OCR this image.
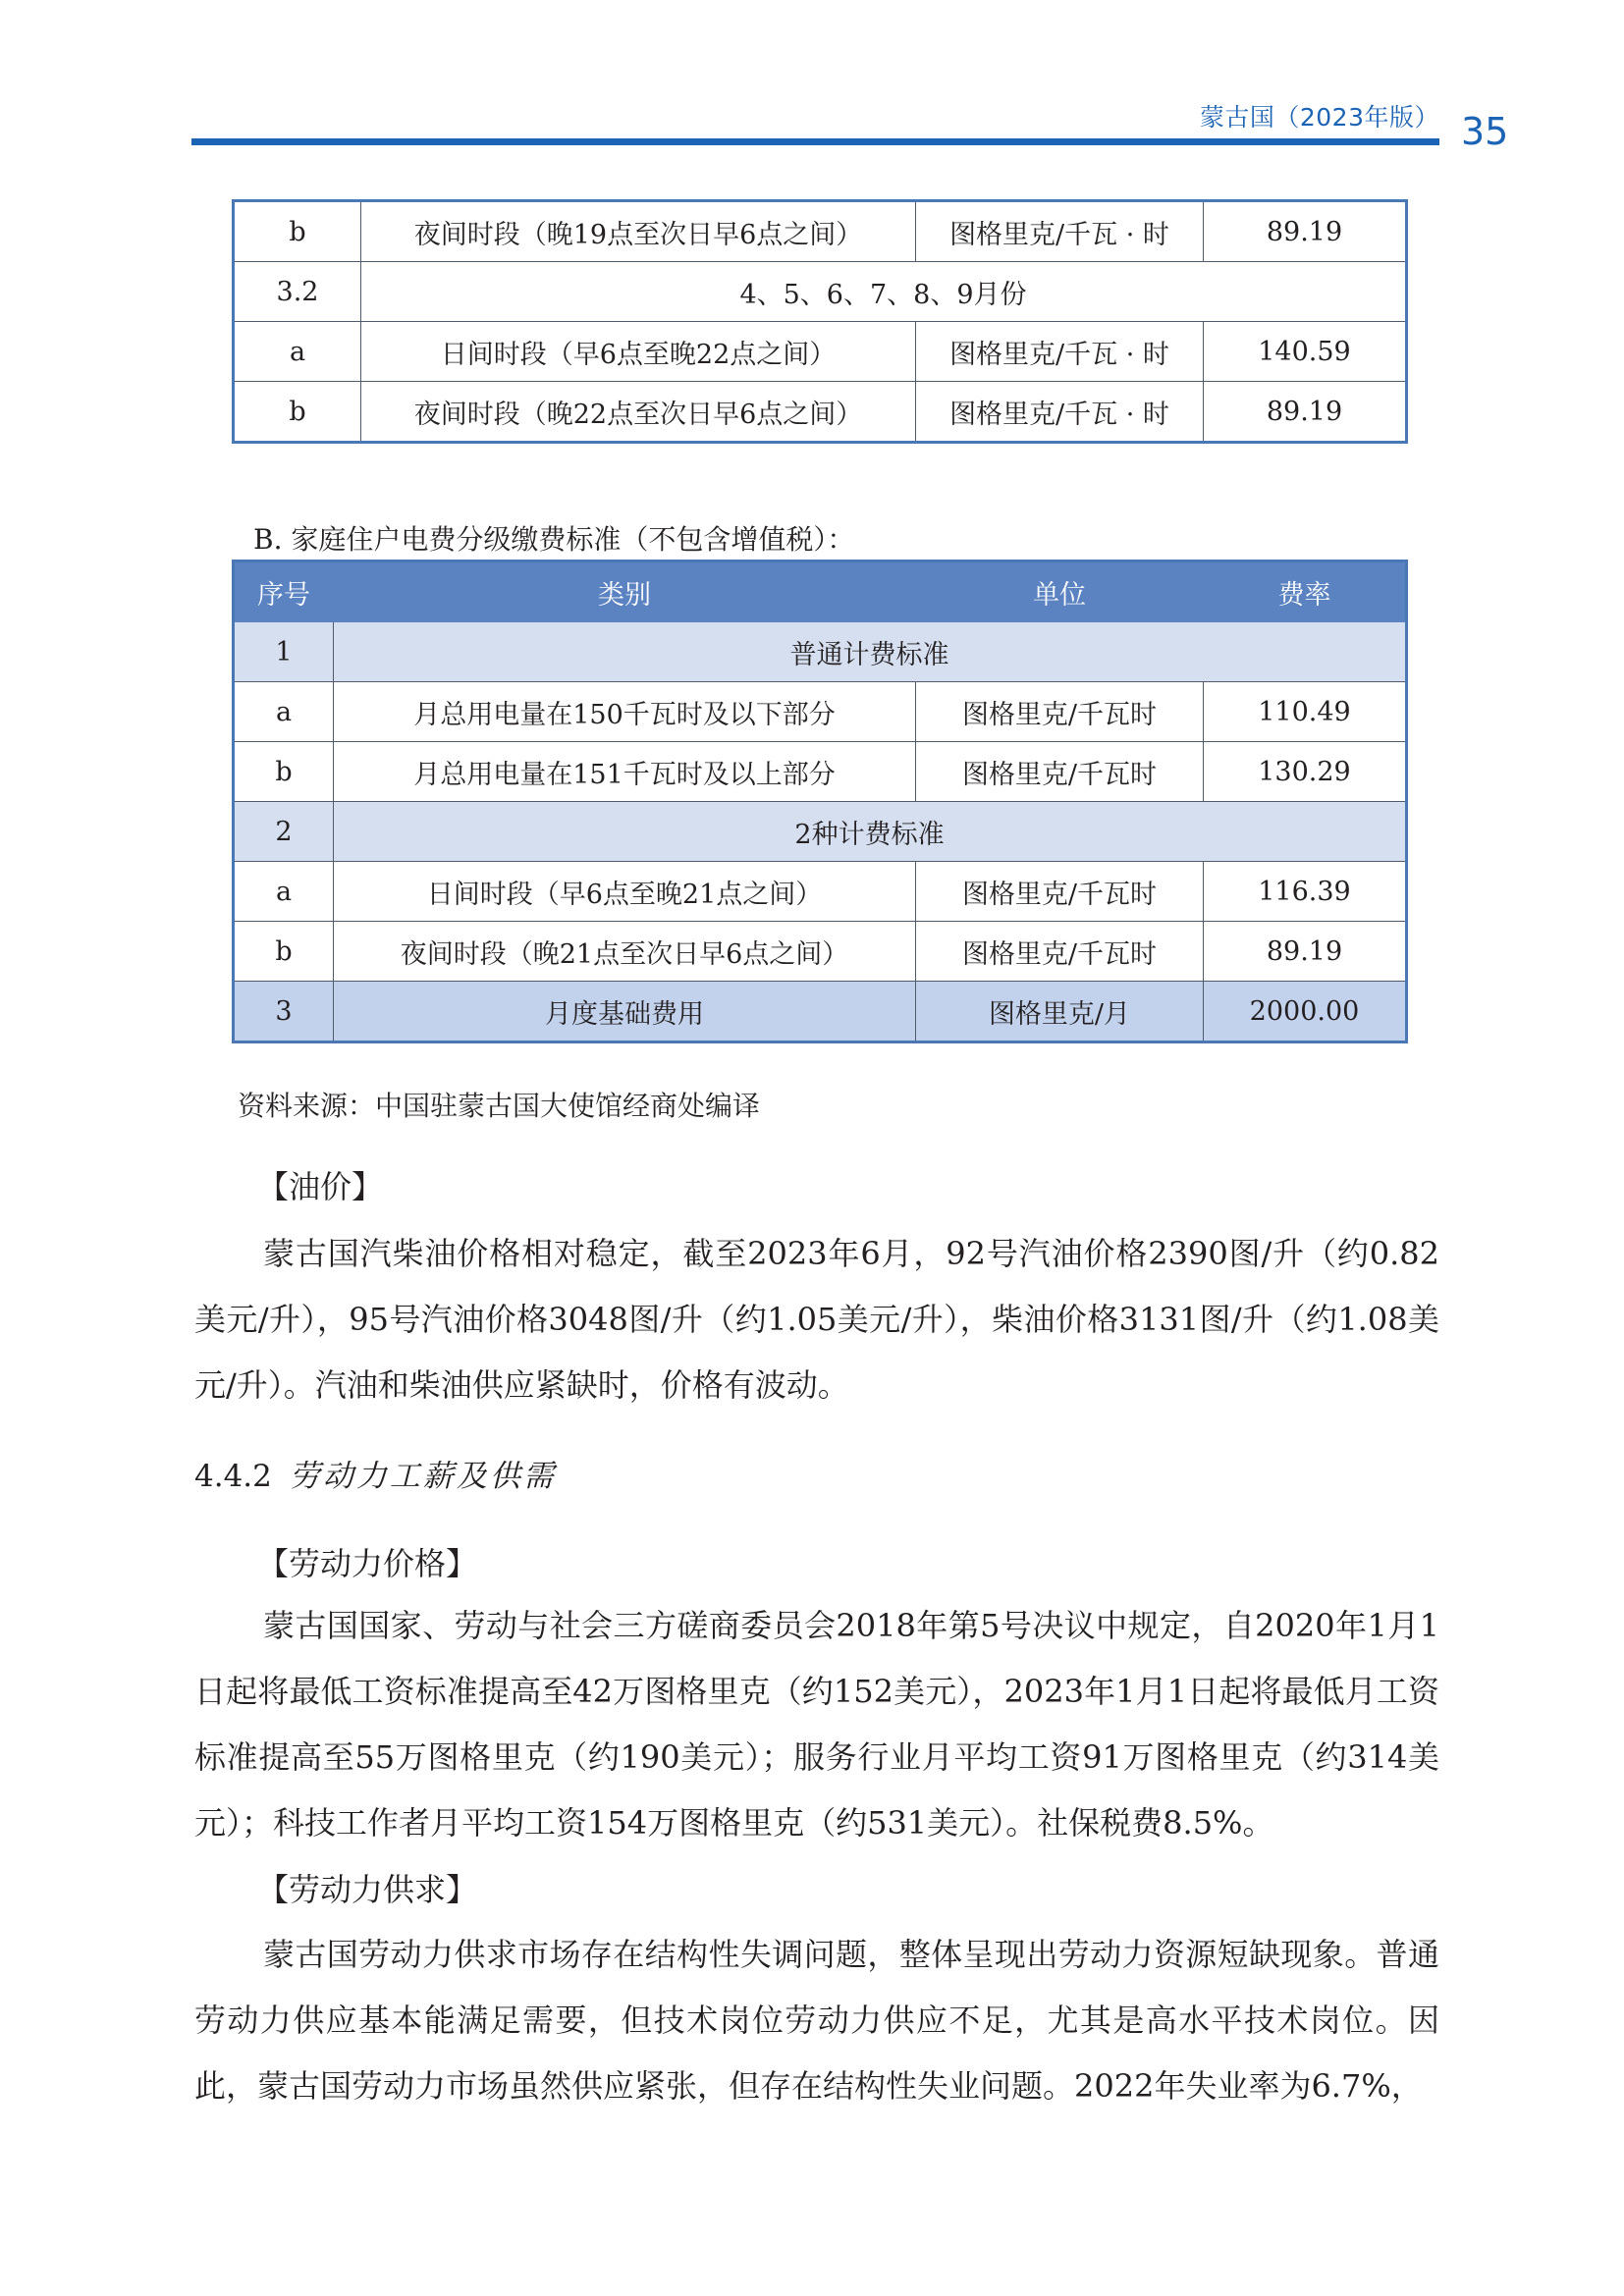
蒙古国（2023年版） 35
b	夜间时段（晚19点至次日早6点之间）	图格里克/千瓦 · 时	89.19
3.2	4、5、6、7、8、9月份		
a	日间时段（早6点至晚22点之间）	图格里克/千瓦 · 时	140.59
b	夜间时段（晚22点至次日早6点之间）	图格里克/千瓦 · 时	89.19
B. 家庭住户电费分级缴费标准（不包含增值税）：
序号	类别	单位	费率
1	普通计费标准		
a	月总用电量在150千瓦时及以下部分	图格里克/千瓦时	110.49
b	月总用电量在151千瓦时及以上部分	图格里克/千瓦时	130.29
2	2种计费标准		
a	日间时段（早6点至晚21点之间）	图格里克/千瓦时	116.39
b	夜间时段（晚21点至次日早6点之间）	图格里克/千瓦时	89.19
3	月度基础费用	图格里克/月	2000.00
资料来源：中国驻蒙古国大使馆经商处编译
【油价】
蒙古国汽柴油价格相对稳定，截至2023年6月，92号汽油价格2390图/升（约0.82美元/升），95号汽油价格3048图/升（约1.05美元/升），柴油价格3131图/升（约1.08美元/升）。汽油和柴油供应紧缺时，价格有波动。
4.4.2 劳动力工薪及供需
【劳动力价格】
蒙古国国家、劳动与社会三方磋商委员会2018年第5号决议中规定，自2020年1月1日起将最低工资标准提高至42万图格里克（约152美元），2023年1月1日起将最低月工资标准提高至55万图格里克（约190美元）；服务行业月平均工资91万图格里克（约314美元）；科技工作者月平均工资154万图格里克（约531美元）。社保税费8.5%。
【劳动力供求】
蒙古国劳动力供求市场存在结构性失调问题，整体呈现出劳动力资源短缺现象。普通劳动力供应基本能满足需要，但技术岗位劳动力供应不足，尤其是高水平技术岗位。因此，蒙古国劳动力市场虽然供应紧张，但存在结构性失业问题。2022年失业率为6.7%，
